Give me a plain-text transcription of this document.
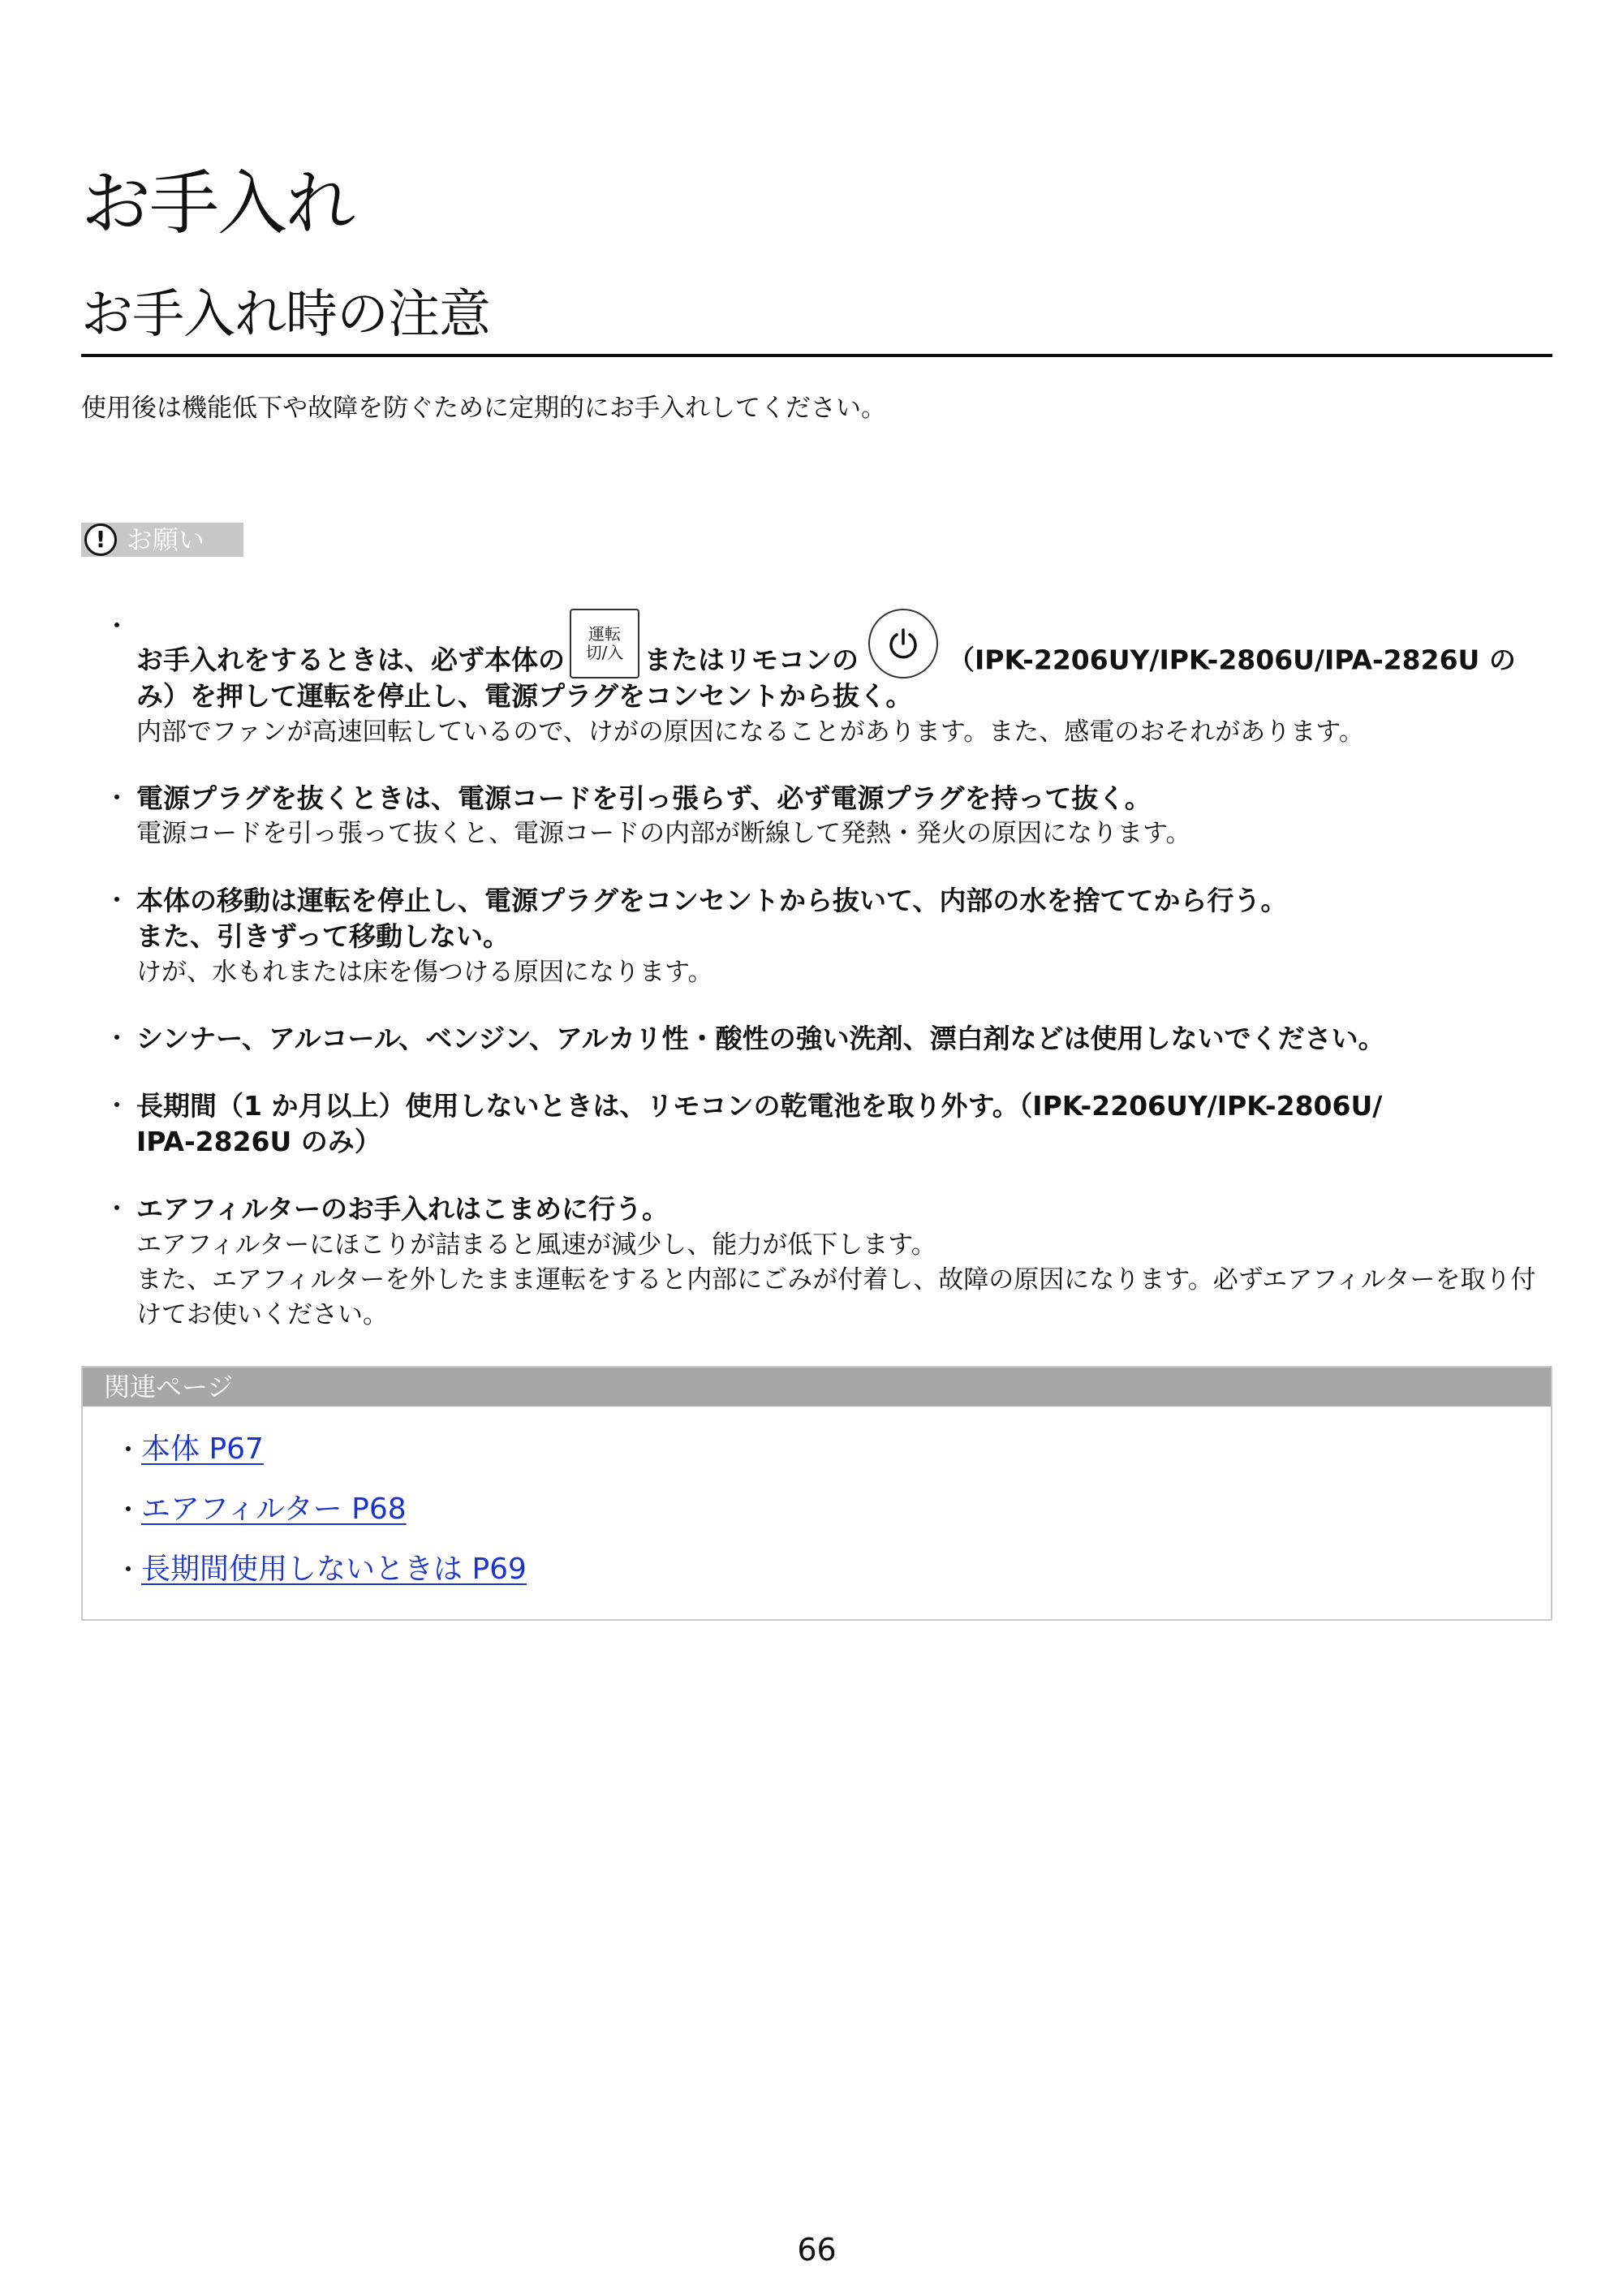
お手入れ
お手入れ時の注意
使用後は機能低下や故障を防ぐために定期的にお手入れしてください。
! お願い
・
お手入れをするときは、必ず本体の
運転
切/入 またはリモコンの	（IPK-2206UY/IPK-2806U/IPA-2826U のみ）を押して運転を停止し、電源プラグをコンセントから抜く。
内部でファンが高速回転しているので、けがの原因になることがあります。また、感電のおそれがあります。
・ 電源プラグを抜くときは、電源コードを引っ張らず、必ず電源プラグを持って抜く。
電源コードを引っ張って抜くと、電源コードの内部が断線して発熱・発火の原因になります。
・ 本体の移動は運転を停止し、電源プラグをコンセントから抜いて、内部の水を捨ててから行う。
また、引きずって移動しない。
けが、水もれまたは床を傷つける原因になります。
・ シンナー、アルコール、ベンジン、アルカリ性・酸性の強い洗剤、漂白剤などは使用しないでください。
・ 長期間（1 か月以上）使用しないときは、リモコンの乾電池を取り外す。（IPK-2206UY/IPK-2806U/
IPA-2826U のみ）
・ エアフィルターのお手入れはこまめに行う。
エアフィルターにほこりが詰まると風速が減少し、能力が低下します。
また、エアフィルターを外したまま運転をすると内部にごみが付着し、故障の原因になります。必ずエアフィルターを取り付けてお使いください。
関連ページ
・ 本体 P67
・ エアフィルター P68
・ 長期間使用しないときは P69
66
